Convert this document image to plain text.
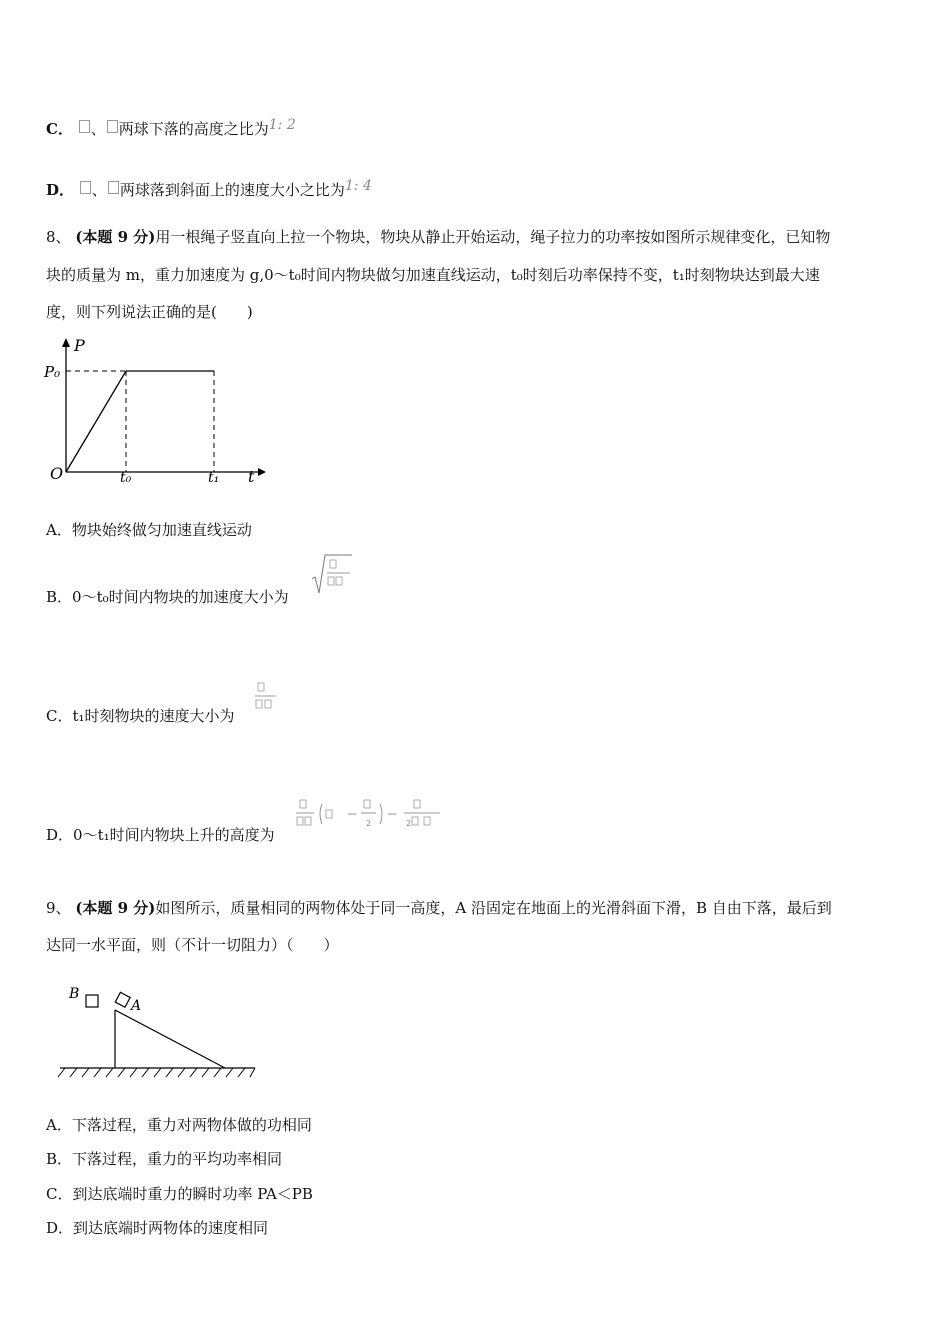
C． 、 两球下落的高度之比为1: 2
D． 、 两球落到斜面上的速度大小之比为1: 4
8、 (本题 9 分)用一根绳子竖直向上拉一个物块，物块从静止开始运动，绳子拉力的功率按如图所示规律变化，已知物
块的质量为 m，重力加速度为 g,0～t₀时间内物块做匀加速直线运动，t₀时刻后功率保持不变，t₁时刻物块达到最大速
度，则下列说法正确的是(　　)
P
P₀
O	t₀	t₁ t
A．物块始终做匀加速直线运动
B．0～t₀时间内物块的加速度大小为
C．t₁时刻物块的速度大小为
D．0～t₁时间内物块上升的高度为
2	2
9、 (本题 9 分)如图所示，质量相同的两物体处于同一高度，A 沿固定在地面上的光滑斜面下滑，B 自由下落，最后到
达同一水平面，则（不计一切阻力）（　　）
B
A
A．下落过程，重力对两物体做的功相同
B．下落过程，重力的平均功率相同
C．到达底端时重力的瞬时功率 PA＜PB
D．到达底端时两物体的速度相同
